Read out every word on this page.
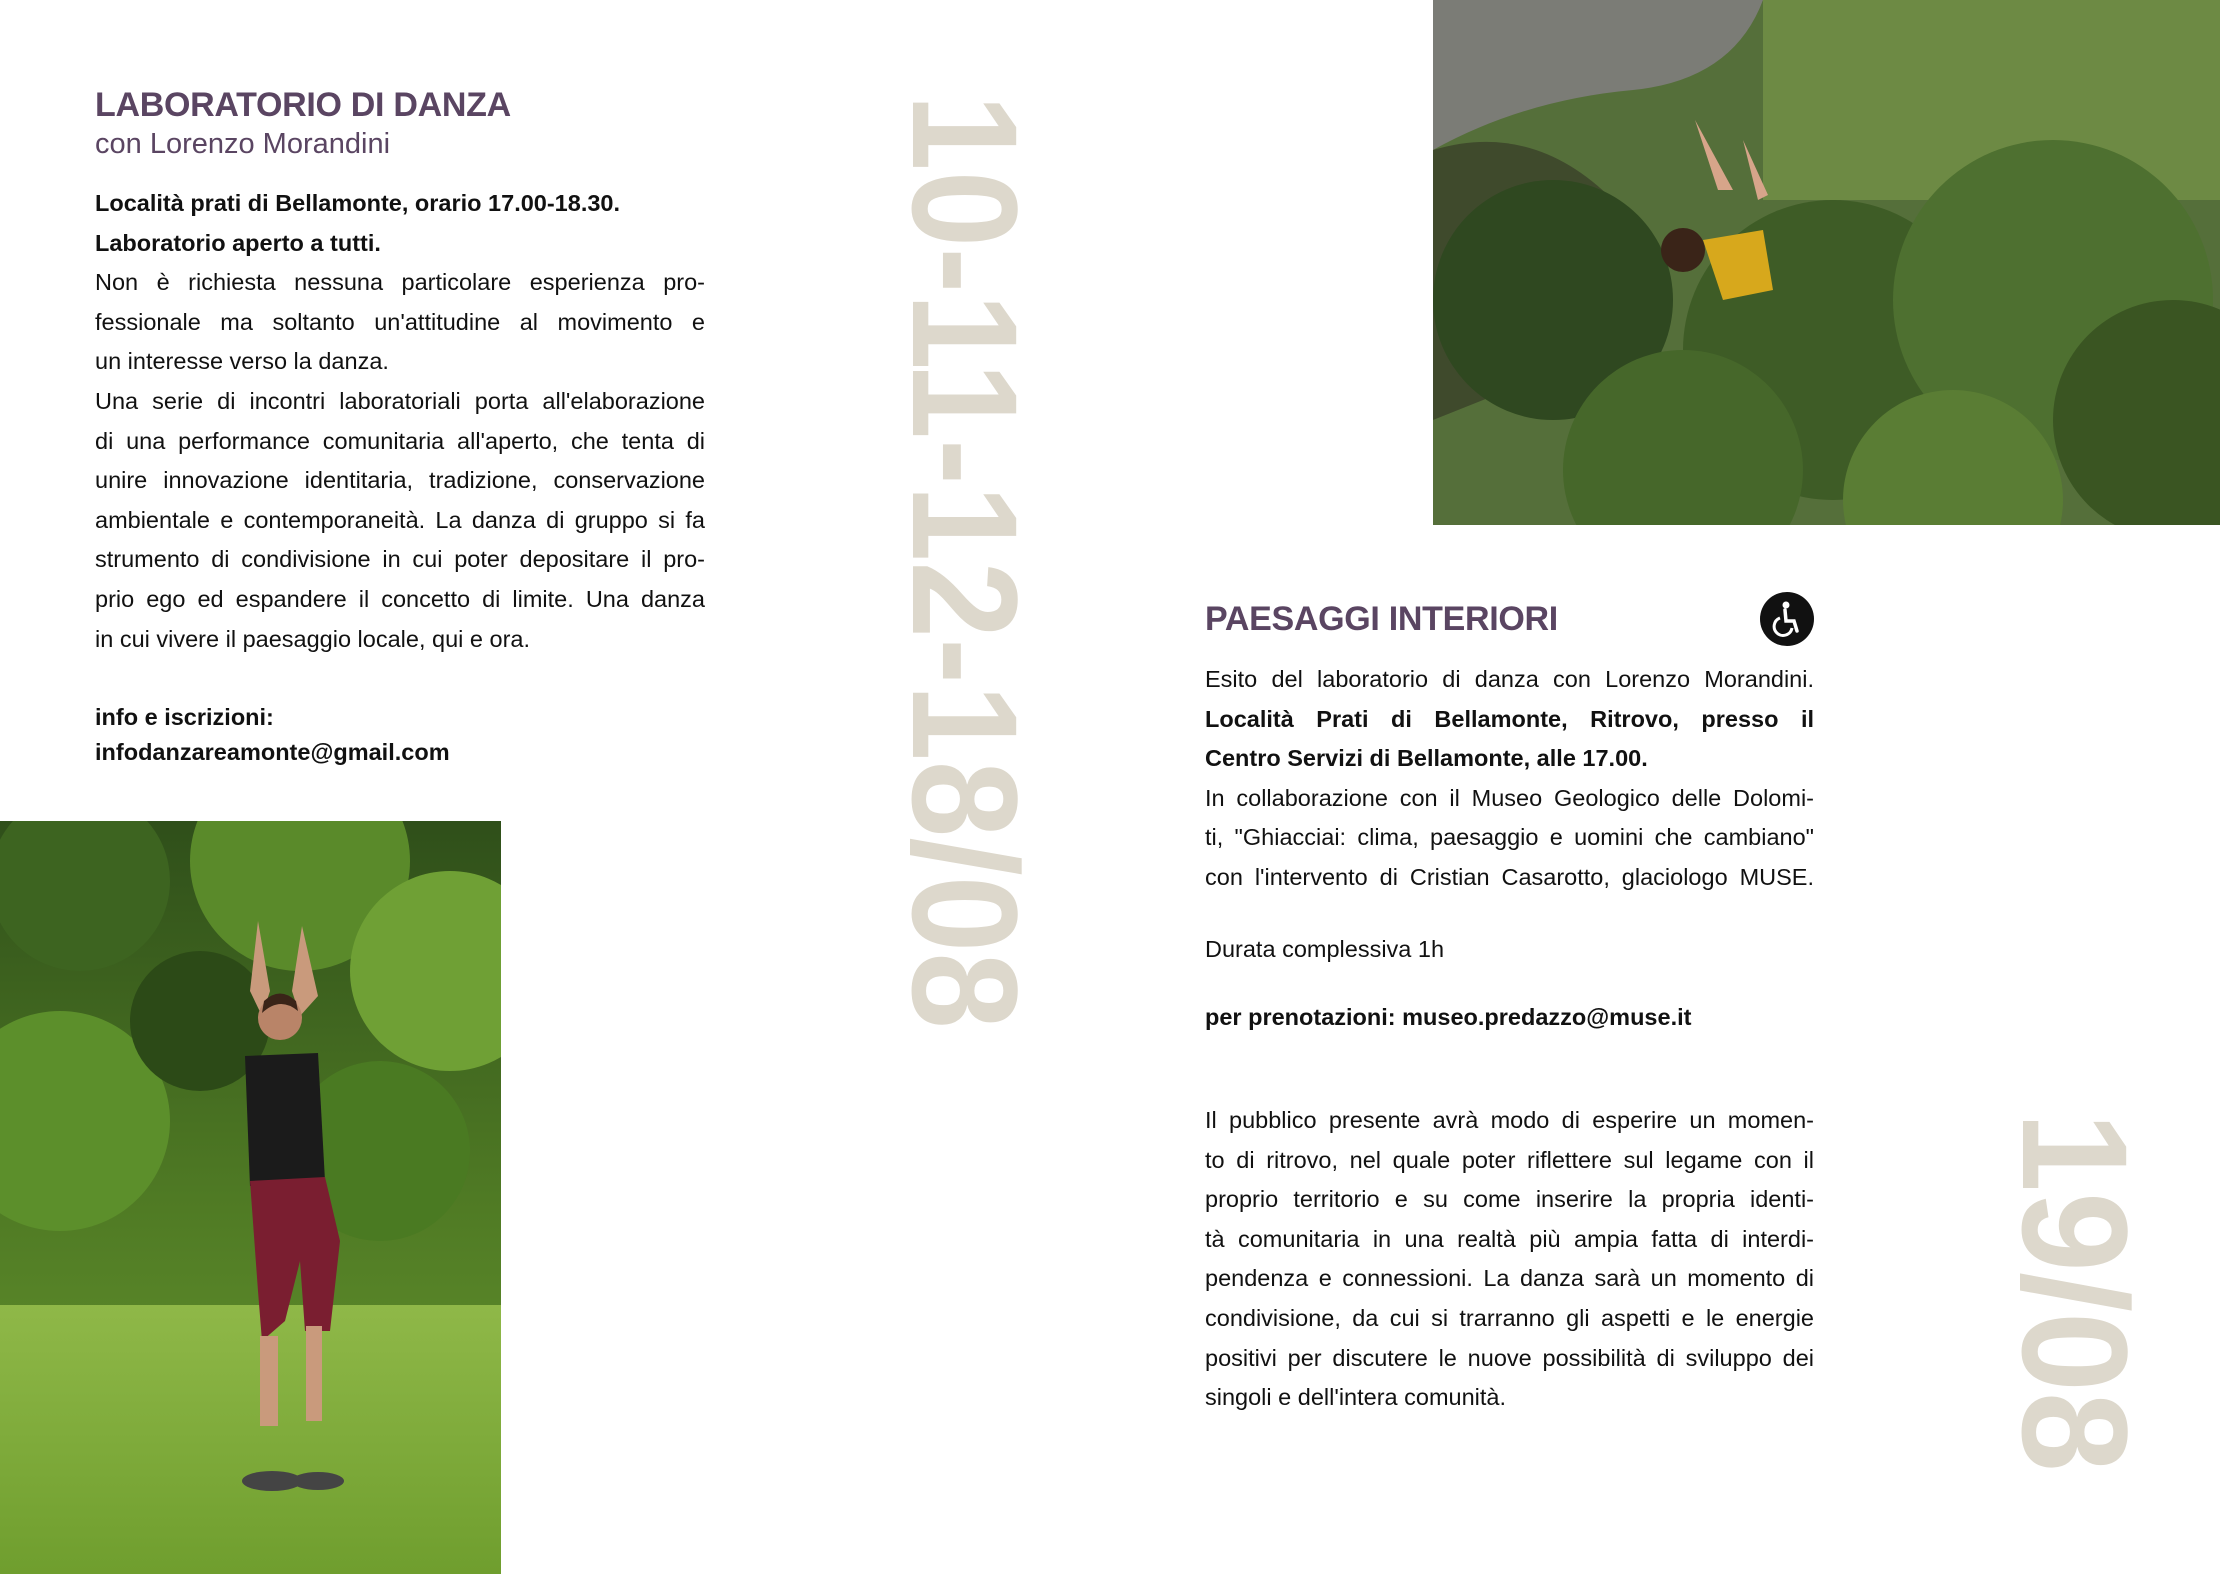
LABORATORIO DI DANZA
con Lorenzo Morandini
Località prati di Bellamonte, orario 17.00-18.30.
Laboratorio aperto a tutti.
Non è richiesta nessuna particolare esperienza pro-
fessionale ma soltanto un'attitudine al movimento e
un interesse verso la danza.
Una serie di incontri laboratoriali porta all'elaborazione
di una performance comunitaria all'aperto, che tenta di
unire innovazione identitaria, tradizione, conservazione
ambientale e contemporaneità. La danza di gruppo si fa
strumento di condivisione in cui poter depositare il pro-
prio ego ed espandere il concetto di limite. Una danza
in cui vivere il paesaggio locale, qui e ora.
info e iscrizioni:
infodanzareamonte@gmail.com	10-11-12-18/08	PAESAGGI INTERIORI
Esito del laboratorio di danza con Lorenzo Morandini.
Località Prati di Bellamonte, Ritrovo, presso il
Centro Servizi di Bellamonte, alle 17.00.
In collaborazione con il Museo Geologico delle Dolomi-
ti, "Ghiacciai: clima, paesaggio e uomini che cambiano"
con l'intervento di Cristian Casarotto, glaciologo MUSE.
Durata complessiva 1h
per prenotazioni: museo.predazzo@muse.it
Il pubblico presente avrà modo di esperire un momen-
to di ritrovo, nel quale poter riflettere sul legame con il
proprio territorio e su come inserire la propria identi-
tà comunitaria in una realtà più ampia fatta di interdi-
pendenza e connessioni. La danza sarà un momento di
condivisione, da cui si trarranno gli aspetti e le energie
positivi per discutere le nuove possibilità di sviluppo dei
singoli e dell'intera comunità.	19/08
